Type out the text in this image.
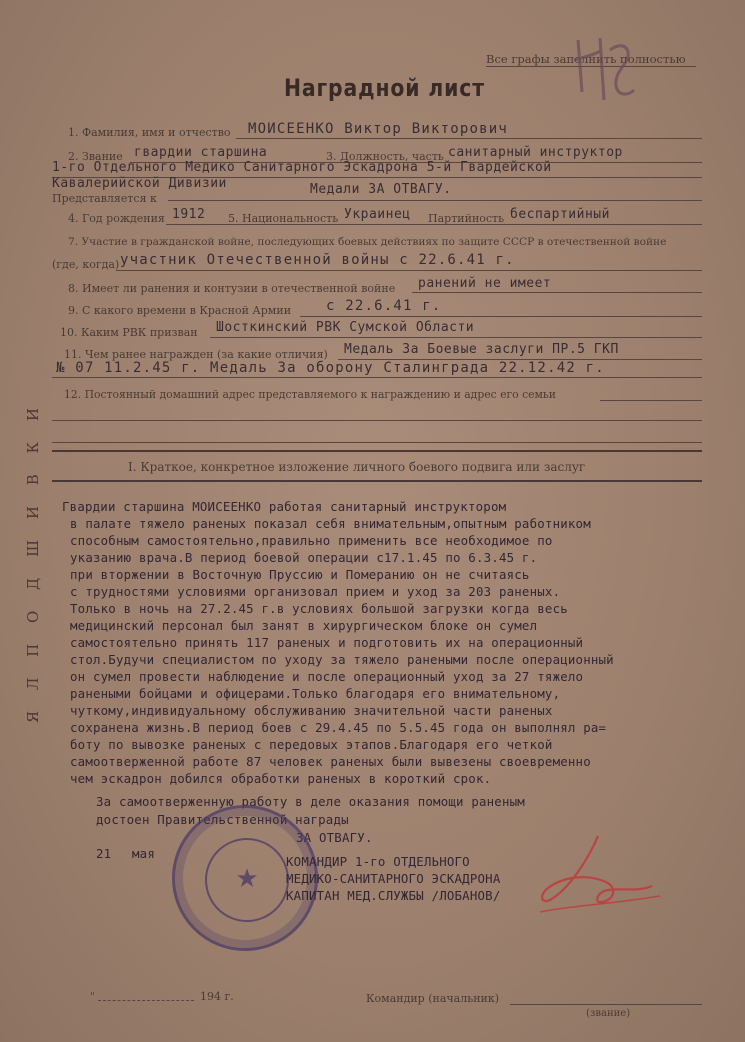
Все графы заполнить полностью
Наградной лист
1. Фамилия, имя и отчество МОИСЕЕНКО Виктор Викторович
2. Звание гвардии старшина	3. Должность, часть санитарный инструктор
1-го Отдельного Медико Санитарного Эскадрона 5-й Гвардейской
Кавалерийской Дивизии
Представляется к
Медали ЗА ОТВАГУ.
4. Год рождения 1912 5. Национальность Украинец Партийность беспартийный
7. Участие в гражданской войне, последующих боевых действиях по защите СССР в отечественной войне
(где, когда) участник Отечественной войны с 22.6.41 г.
8. Имеет ли ранения и контузии в отечественной войне ранений не имеет
9. С какого времени в Красной Армии с 22.6.41 г.
10. Каким РВК призван Шосткинский РВК Сумской Области
11. Чем ранее награжден (за какие отличия) Медаль За Боевые заслуги ПР.5 ГКП
№ 07 11.2.45 г. Медаль За оборону Сталинграда 22.12.42 г.
12. Постоянный домашний адрес представляемого к награждению и адрес его семьи
I. Краткое, конкретное изложение личного боевого подвига или заслуг
Я Л П О Д Ш И В К И	Гвардии старшина МОИСЕЕНКО работая санитарный инструктором
в палате тяжело раненых показал себя внимательным,опытным работником
способным самостоятельно,правильно применить все необходимое по
указанию врача.В период боевой операции с17.1.45 по 6.3.45 г.
при вторжении в Восточную Пруссию и Померанию он не считаясь
с трудностями условиями организовал прием и уход за 203 раненых.
Только в ночь на 27.2.45 г.в условиях большой загрузки когда весь
медицинский персонал был занят в хирургическом блоке он сумел
самостоятельно принять 117 раненых и подготовить их на операционный
стол.Будучи специалистом по уходу за тяжело ранеными после операционный
он сумел провести наблюдение и после операционный уход за 27 тяжело
ранеными бойцами и офицерами.Только благодаря его внимательному,
чуткому,индивидуальному обслуживанию значительной части раненых
сохранена жизнь.В период боев с 29.4.45 по 5.5.45 года он выполнял ра=
боту по вывозке раненых с передовых этапов.Благодаря его четкой
самоотверженной работе 87 человек раненых были вывезены своевременно
чем эскадрон добился обработки раненых в короткий срок.
За самоотверженную работу в деле оказания помощи раненым
достоен Правительственной награды
ЗА ОТВАГУ.
★
21 мая
КОМАНДИР 1-го ОТДЕЛЬНОГО
МЕДИКО-САНИТАРНОГО ЭСКАДРОНА
КАПИТАН МЕД.СЛУЖБЫ /ЛОБАНОВ/
"	194 г.	Командир (начальник)
(звание)
